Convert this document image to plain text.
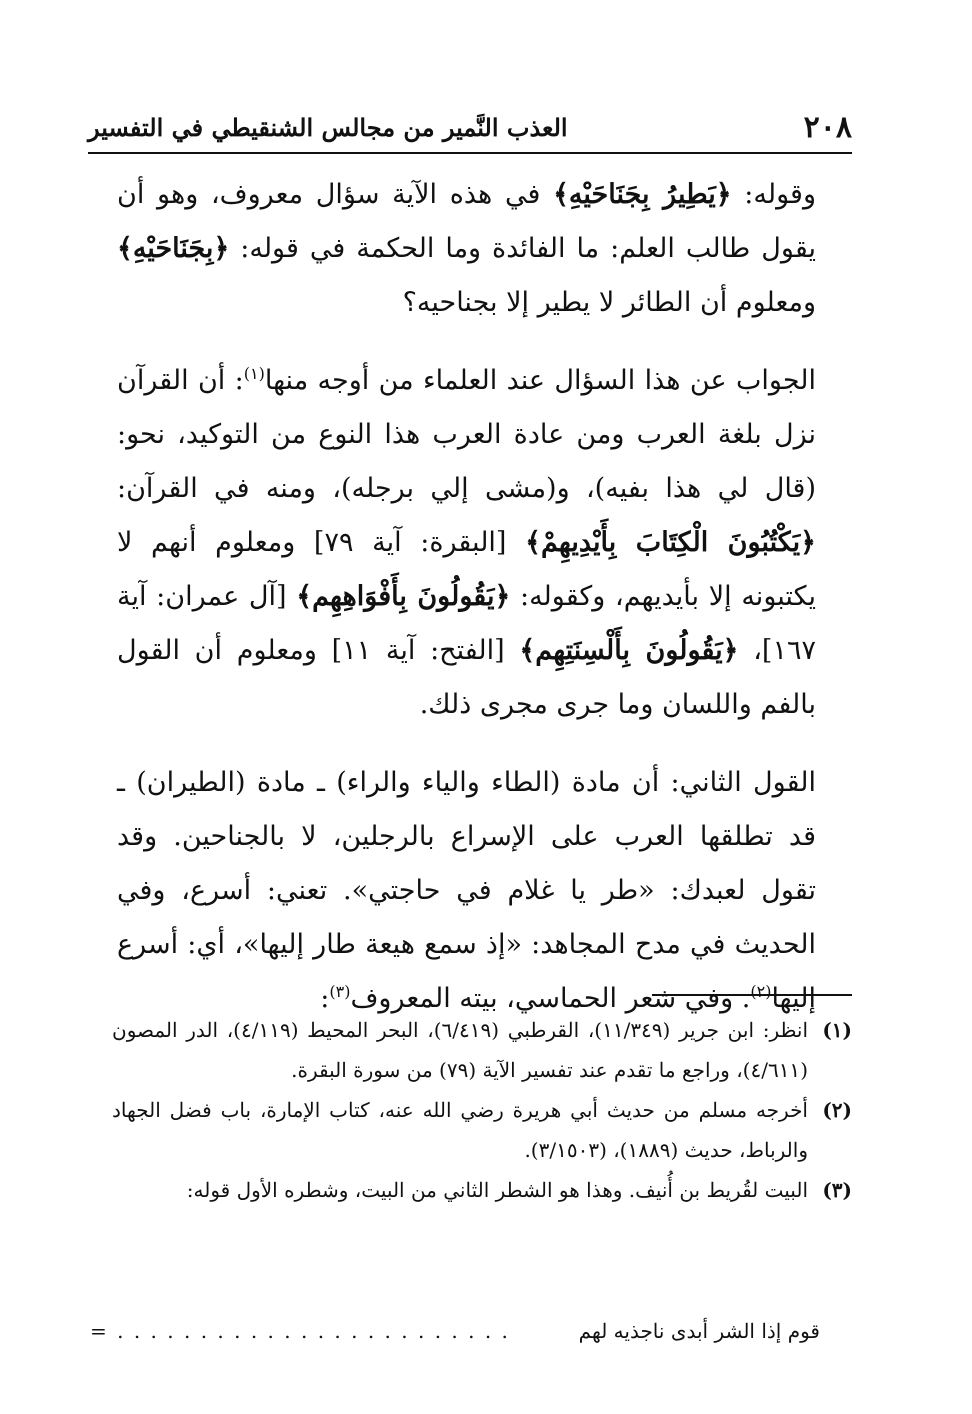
٢٠٨
العذب النَّمير من مجالس الشنقيطي في التفسير

وقوله: ﴿يَطِيرُ بِجَنَاحَيْهِ﴾ في هذه الآية سؤال معروف، وهو أن يقول طالب العلم: ما الفائدة وما الحكمة في قوله: ﴿بِجَنَاحَيْهِ﴾ ومعلوم أن الطائر لا يطير إلا بجناحيه؟

الجواب عن هذا السؤال عند العلماء من أوجه منها$^{(١)}$: أن القرآن نزل بلغة العرب ومن عادة العرب هذا النوع من التوكيد، نحو: (قال لي هذا بفيه)، و(مشى إلي برجله)، ومنه في القرآن: ﴿يَكْتُبُونَ الْكِتَابَ بِأَيْدِيهِمْ﴾ [البقرة: آية ٧٩] ومعلوم أنهم لا يكتبونه إلا بأيديهم، وكقوله: ﴿يَقُولُونَ بِأَفْوَاهِهِم﴾ [آل عمران: آية ١٦٧]، ﴿يَقُولُونَ بِأَلْسِنَتِهِم﴾ [الفتح: آية ١١] ومعلوم أن القول بالفم واللسان وما جرى مجرى ذلك.

القول الثاني: أن مادة (الطاء والياء والراء) ـ مادة (الطيران) ـ قد تطلقها العرب على الإسراع بالرجلين، لا بالجناحين. وقد تقول لعبدك: «طر يا غلام في حاجتي». تعني: أسرع، وفي الحديث في مدح المجاهد: «إذ سمع هيعة طار إليها»، أي: أسرع إليها$^{(٢)}$. وفي شعر الحماسي، بيته المعروف$^{(٣)}$:

(١)
انظر: ابن جرير (١١/٣٤٩)، القرطبي (٦/٤١٩)، البحر المحيط (٤/١١٩)، الدر المصون (٤/٦١١)، وراجع ما تقدم عند تفسير الآية (٧٩) من سورة البقرة.
(٢)
أخرجه مسلم من حديث أبي هريرة رضي الله عنه، كتاب الإمارة، باب فضل الجهاد والرباط، حديث (١٨٨٩)، (٣/١٥٠٣).
(٣)
البيت لقُريط بن أُنيف. وهذا هو الشطر الثاني من البيت، وشطره الأول قوله:
قوم إذا الشر أبدى ناجذيه لهم
= . . . . . . . . . . . . . . . . . . . . . . . .
